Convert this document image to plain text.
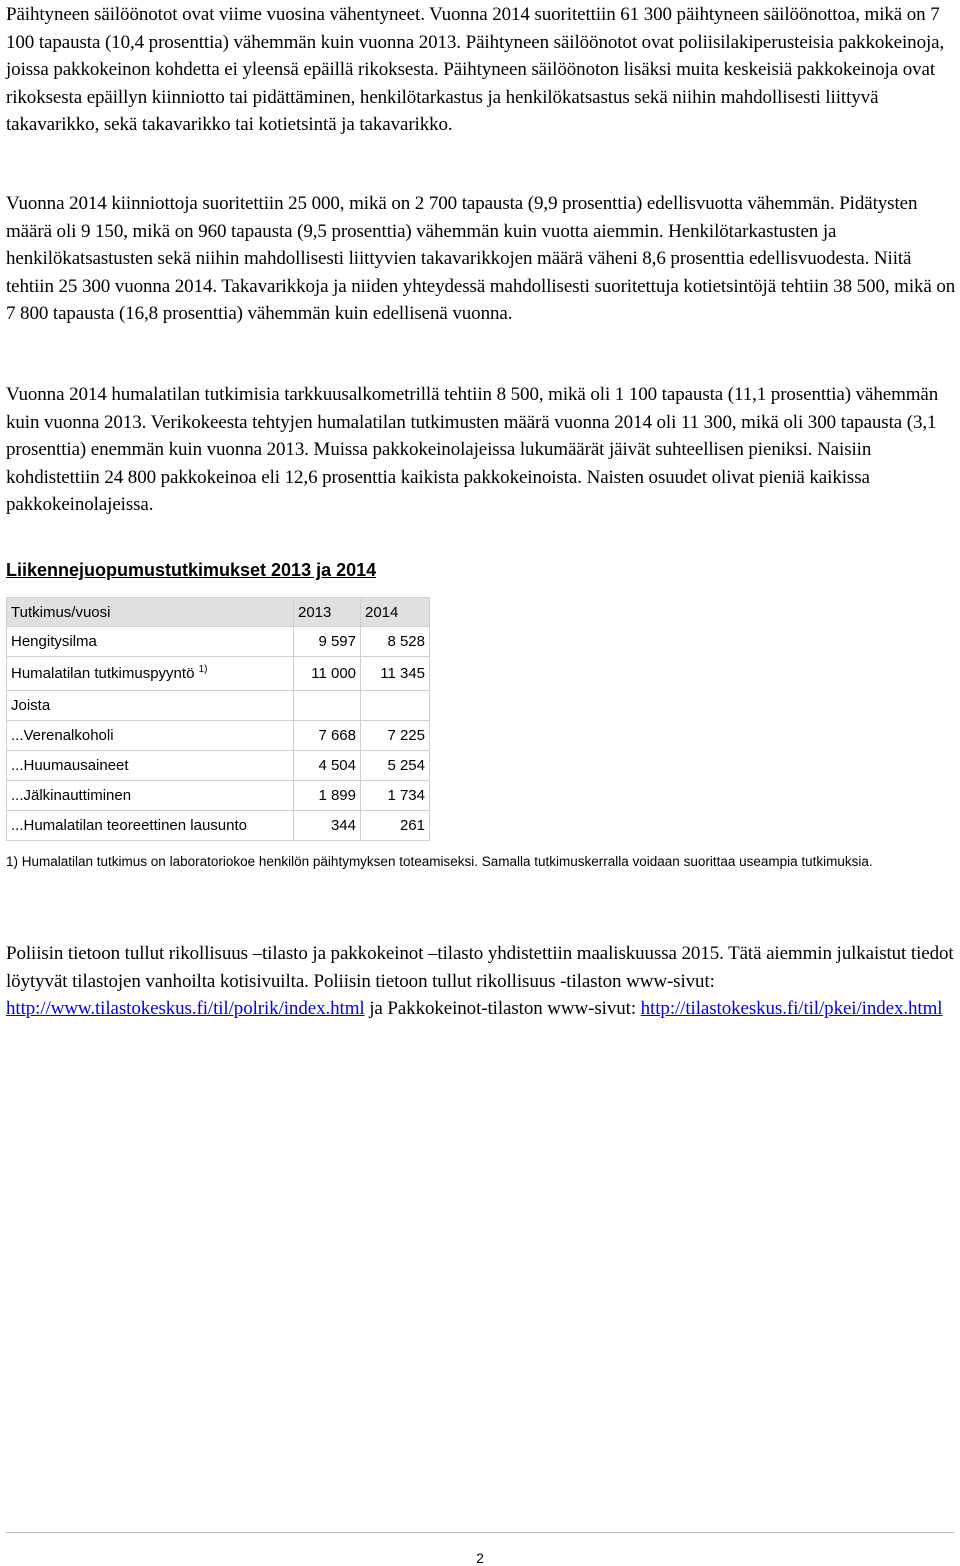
Päihtyneen säilöönotot ovat viime vuosina vähentyneet. Vuonna 2014 suoritettiin 61 300 päihtyneen säilöönottoa, mikä on 7 100 tapausta (10,4 prosenttia) vähemmän kuin vuonna 2013. Päihtyneen säilöönotot ovat poliisilakiperusteisia pakkokeinoja, joissa pakkokeinon kohdetta ei yleensä epäillä rikoksesta. Päihtyneen säilöönoton lisäksi muita keskeisiä pakkokeinoja ovat rikoksesta epäillyn kiinniotto tai pidättäminen, henkilötarkastus ja henkilökatsastus sekä niihin mahdollisesti liittyvä takavarikko, sekä takavarikko tai kotietsintä ja takavarikko.

Vuonna 2014 kiinniottoja suoritettiin 25 000, mikä on 2 700 tapausta (9,9 prosenttia) edellisvuotta vähemmän. Pidätysten määrä oli 9 150, mikä on 960 tapausta (9,5 prosenttia) vähemmän kuin vuotta aiemmin. Henkilötarkastusten ja henkilökatsastusten sekä niihin mahdollisesti liittyvien takavarikkojen määrä väheni 8,6 prosenttia edellisvuodesta. Niitä tehtiin 25 300 vuonna 2014. Takavarikkoja ja niiden yhteydessä mahdollisesti suoritettuja kotietsintöjä tehtiin 38 500, mikä on 7 800 tapausta (16,8 prosenttia) vähemmän kuin edellisenä vuonna.

Vuonna 2014 humalatilan tutkimisia tarkkuusalkometrillä tehtiin 8 500, mikä oli 1 100 tapausta (11,1 prosenttia) vähemmän kuin vuonna 2013. Verikokeesta tehtyjen humalatilan tutkimusten määrä vuonna 2014 oli 11 300, mikä oli 300 tapausta (3,1 prosenttia) enemmän kuin vuonna 2013. Muissa pakkokeinolajeissa lukumäärät jäivät suhteellisen pieniksi. Naisiin kohdistettiin 24 800 pakkokeinoa eli 12,6 prosenttia kaikista pakkokeinoista. Naisten osuudet olivat pieniä kaikissa pakkokeinolajeissa.

Liikennejuopumustutkimukset 2013 ja 2014
Tutkimus/vuosi	2013	2014
Hengitysilma	9 597	8 528
Humalatilan tutkimuspyyntö $^{1)}$	11 000	11 345
Joista		
...Verenalkoholi	7 668	7 225
...Huumausaineet	4 504	5 254
...Jälkinauttiminen	1 899	1 734
...Humalatilan teoreettinen lausunto	344	261

1) Humalatilan tutkimus on laboratoriokoe henkilön päihtymyksen toteamiseksi. Samalla tutkimuskerralla voidaan suorittaa useampia tutkimuksia.

Poliisin tietoon tullut rikollisuus –tilasto ja pakkokeinot –tilasto yhdistettiin maaliskuussa 2015. Tätä aiemmin julkaistut tiedot löytyvät tilastojen vanhoilta kotisivuilta. Poliisin tietoon tullut rikollisuus -tilaston www-sivut: http://www.tilastokeskus.fi/til/polrik/index.html ja Pakkokeinot-tilaston www-sivut: http://tilastokeskus.fi/til/pkei/index.html

2
